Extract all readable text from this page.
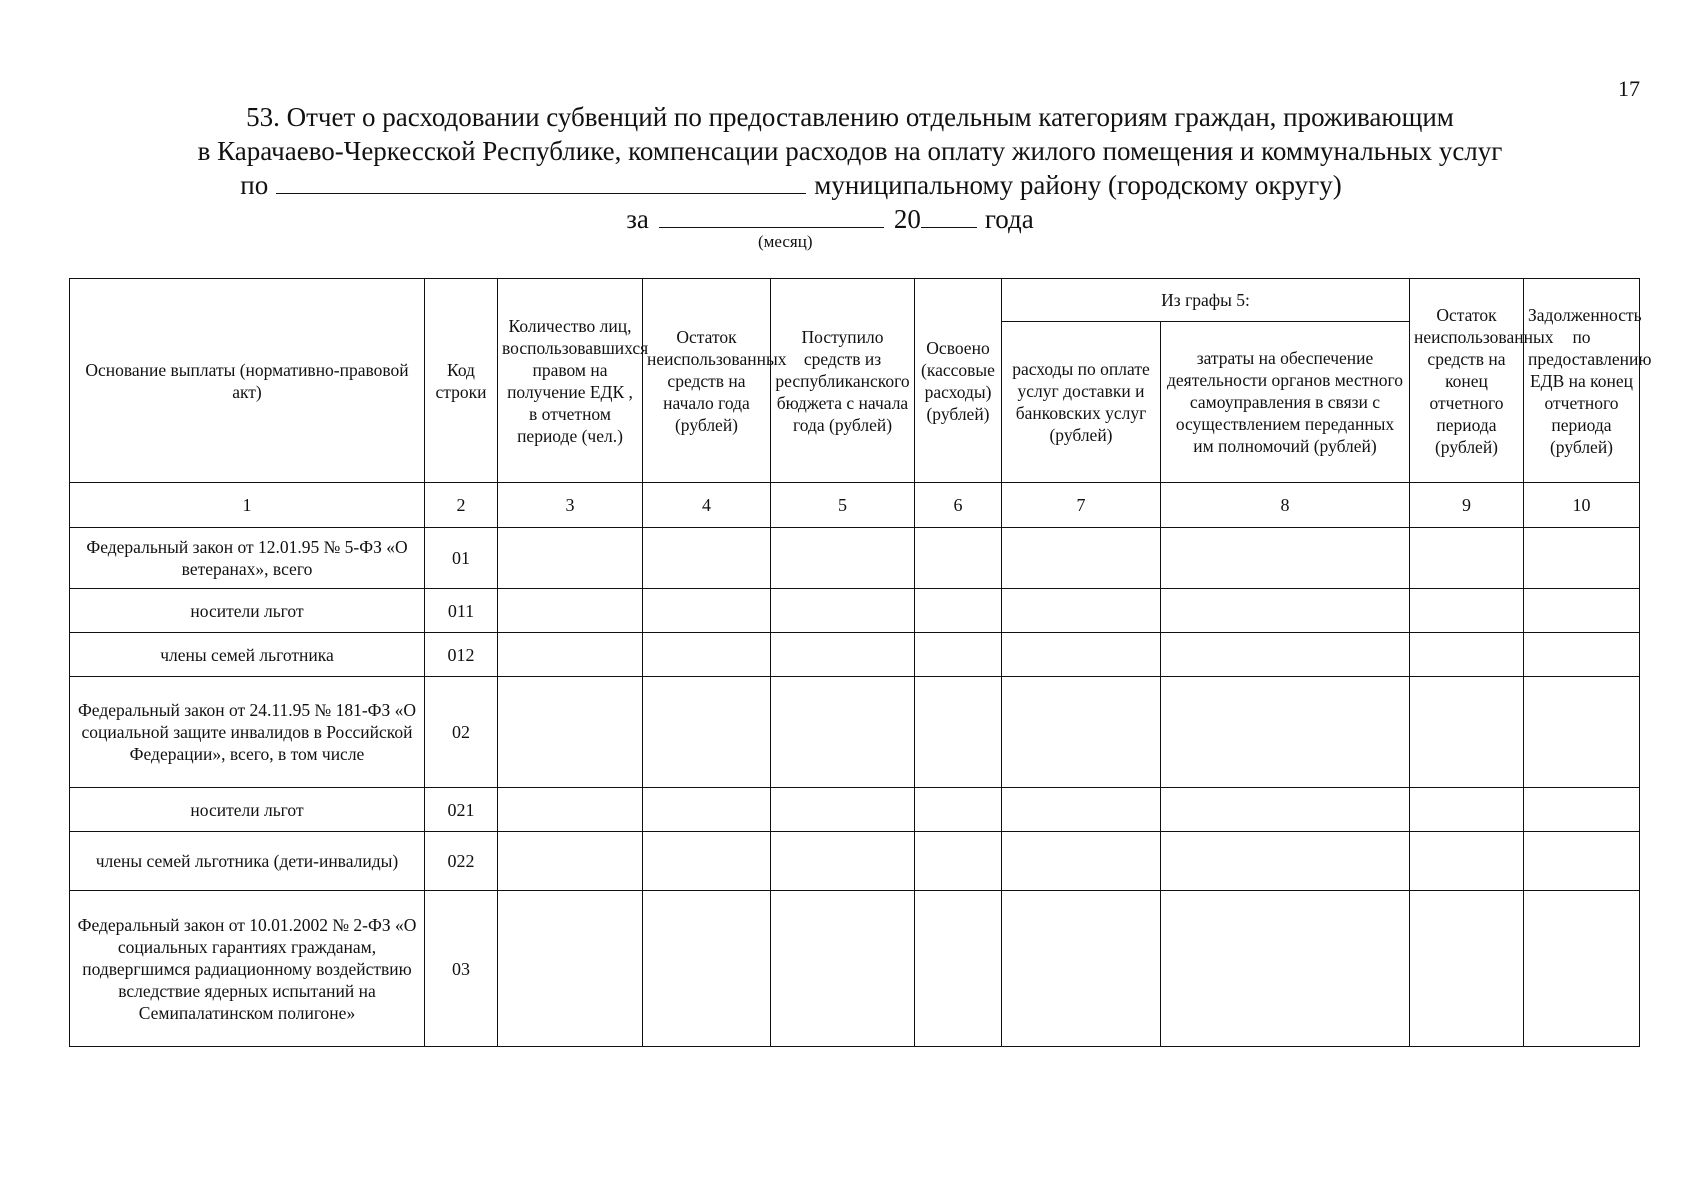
17
53. Отчет о расходовании субвенций по предоставлению отдельным категориям граждан, проживающим
в Карачаево-Черкесской Республике, компенсации расходов на оплату жилого помещения и коммунальных услуг
по	муниципальному району (городскому округу)
за	20 года
(месяц)
Основание выплаты (нормативно-правовой акт)	Код строки	Количество лиц, воспользовавшихся правом на получение ЕДК , в отчетном периоде (чел.)	Остаток неиспользованных средств на начало года (рублей)	Поступило средств из республиканского бюджета с начала года (рублей)	Освоено (кассовые расходы) (рублей)	Из графы 5:		Остаток неиспользованных средств на конец отчетного периода (рублей)	Задолженность по предоставлению ЕДВ на конец отчетного периода (рублей)
						расходы по оплате услуг доставки и банковских услуг (рублей)	затраты на обеспечение деятельности органов местного самоуправления в связи с осуществлением переданных им полномочий (рублей)		
1	2	3	4	5	6	7	8	9	10
Федеральный закон от 12.01.95 № 5-ФЗ «О ветеранах», всего	01								
носители льгот	011								
члены семей льготника	012								
Федеральный закон от 24.11.95 № 181-ФЗ «О социальной защите инвалидов в Российской Федерации», всего, в том числе	02								
носители льгот	021								
члены семей льготника (дети-инвалиды)	022								
Федеральный закон от 10.01.2002 № 2-ФЗ «О социальных гарантиях гражданам, подвергшимся радиационному воздействию вследствие ядерных испытаний на Семипалатинском полигоне»	03								
